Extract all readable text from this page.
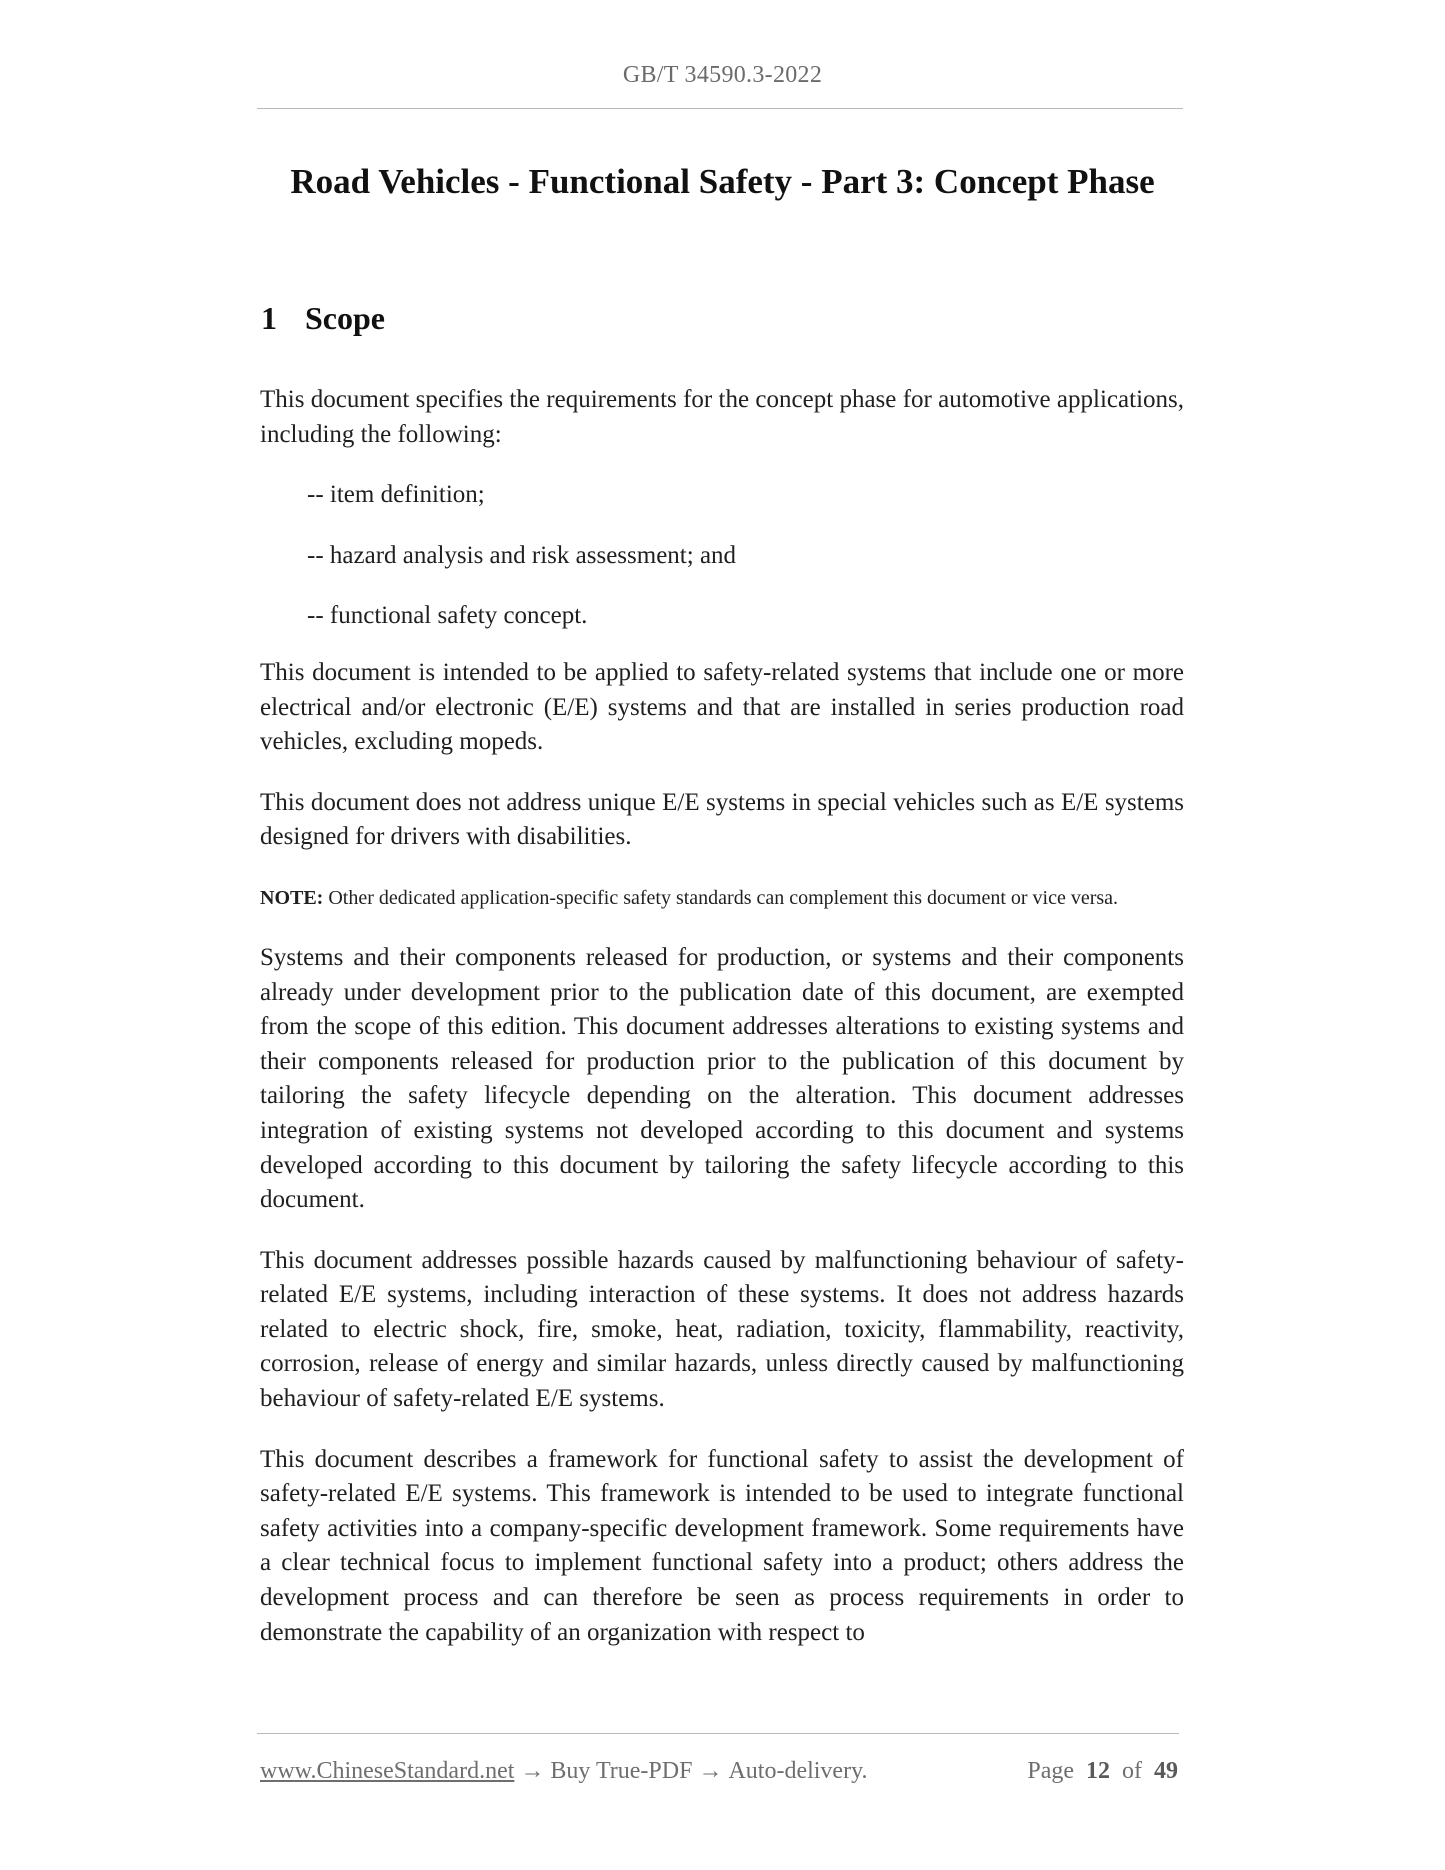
GB/T 34590.3-2022
Road Vehicles - Functional Safety - Part 3: Concept Phase
1 Scope

This document specifies the requirements for the concept phase for automotive applications, including the following:

-- item definition;
-- hazard analysis and risk assessment; and
-- functional safety concept.

This document is intended to be applied to safety-related systems that include one or more electrical and/or electronic (E/E) systems and that are installed in series production road vehicles, excluding mopeds.

This document does not address unique E/E systems in special vehicles such as E/E systems designed for drivers with disabilities.

NOTE: Other dedicated application-specific safety standards can complement this document or vice versa.

Systems and their components released for production, or systems and their components already under development prior to the publication date of this document, are exempted from the scope of this edition. This document addresses alterations to existing systems and their components released for production prior to the publication of this document by tailoring the safety lifecycle depending on the alteration. This document addresses integration of existing systems not developed according to this document and systems developed according to this document by tailoring the safety lifecycle according to this document.

This document addresses possible hazards caused by malfunctioning behaviour of safety-related E/E systems, including interaction of these systems. It does not address hazards related to electric shock, fire, smoke, heat, radiation, toxicity, flammability, reactivity, corrosion, release of energy and similar hazards, unless directly caused by malfunctioning behaviour of safety-related E/E systems.

This document describes a framework for functional safety to assist the development of safety-related E/E systems. This framework is intended to be used to integrate functional safety activities into a company-specific development framework. Some requirements have a clear technical focus to implement functional safety into a product; others address the development process and can therefore be seen as process requirements in order to demonstrate the capability of an organization with respect to

www.ChineseStandard.net → Buy True-PDF → Auto-delivery.	Page 12 of 49
